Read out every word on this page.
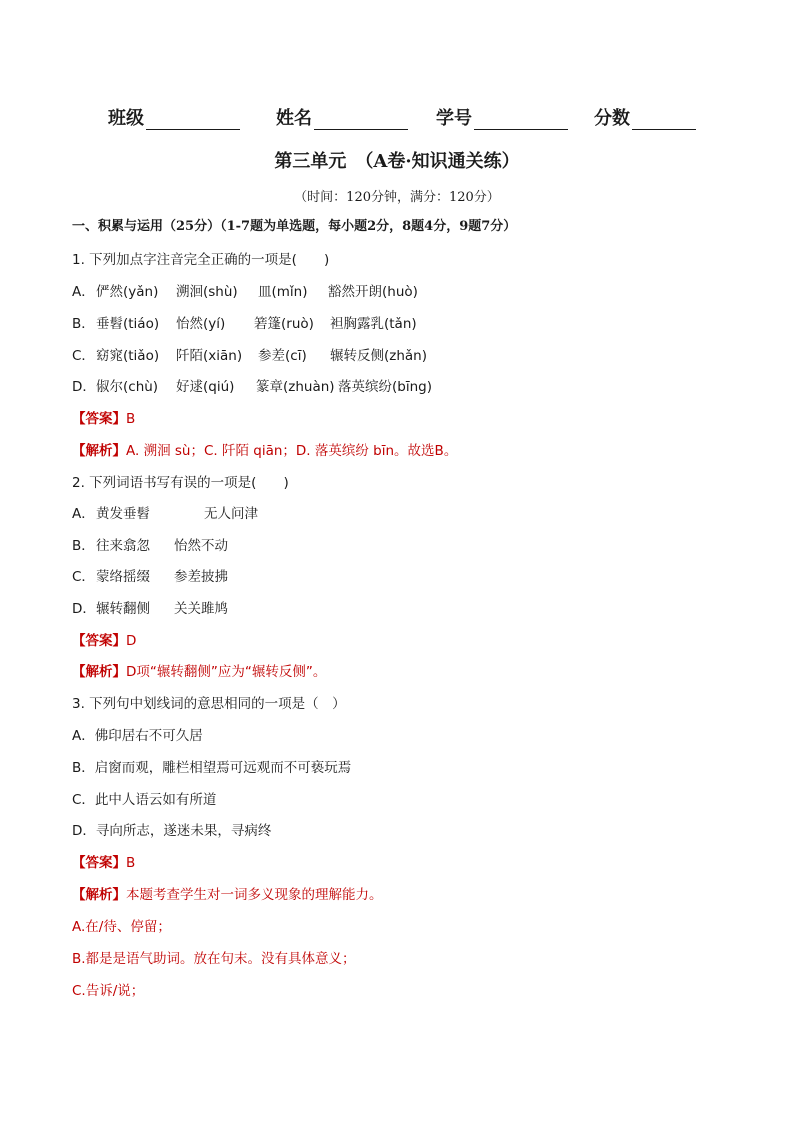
班级	姓名	学号	分数
第三单元　（A卷·知识通关练）
（时间：120分钟，满分：120分）
一、积累与运用（25分）（1-7题为单选题，每小题2分，8题4分，9题7分）
1. 下列加点字注音完全正确的一项是(　　)
A． 俨然(yǎn) 溯洄(shù) 皿(mǐn) 豁然开朗(huò)
B． 垂髫(tiáo) 怡然(yí) 箬篷(ruò) 袒胸露乳(tǎn)
C． 窈窕(tiǎo) 阡陌(xiān) 参差(cī) 辗转反侧(zhǎn)
D． 俶尔(chù) 好逑(qiú) 篆章(zhuàn) 落英缤纷(bīng)
【答案】B
【解析】A. 溯洄 sù；C. 阡陌 qiān；D. 落英缤纷 bīn。故选B。
2. 下列词语书写有误的一项是(　　)
A． 黄发垂髫	无人问津
B． 往来翕忽 怡然不动
C． 蒙络摇缀 参差披拂
D． 辗转翻侧 关关雎鸠
【答案】D
【解析】D项“辗转翻侧”应为“辗转反侧”。
3. 下列句中划线词的意思相同的一项是（　）
A．佛印居右不可久居
B．启窗而观，雕栏相望焉可远观而不可亵玩焉
C．此中人语云如有所道
D．寻向所志，遂迷未果，寻病终
【答案】B
【解析】本题考查学生对一词多义现象的理解能力。
A.在/待、停留；
B.都是是语气助词。放在句末。没有具体意义；
C.告诉/说；
